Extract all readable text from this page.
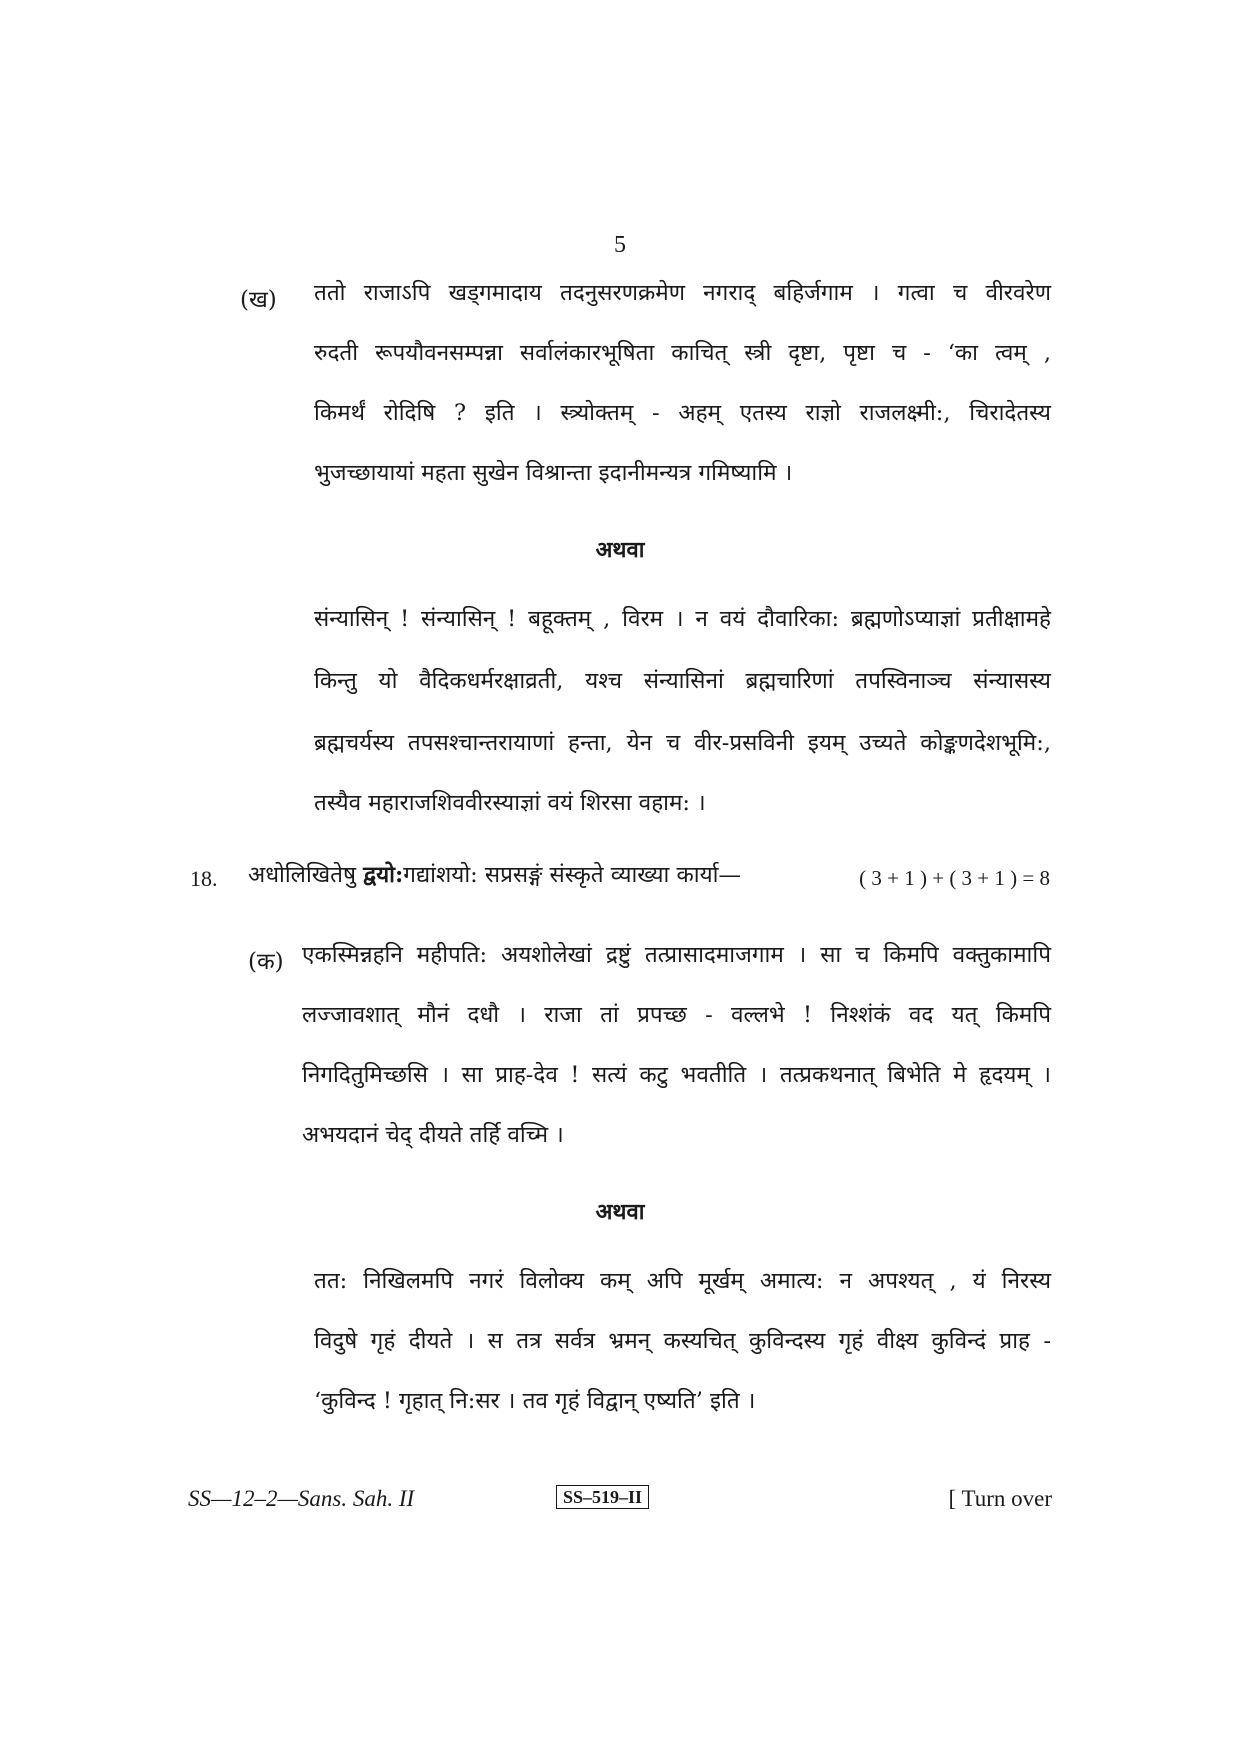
5
(ख) ततो राजाऽपि खड्गमादाय तदनुसरणक्रमेण नगराद् बहिर्जगाम । गत्वा च वीरवरेण
रुदती रूपयौवनसम्पन्ना सर्वालंकारभूषिता काचित् स्त्री दृष्टा, पृष्टा च - ‘का त्वम् ,
किमर्थं रोदिषि ? इति । स्त्र्योक्तम् - अहम् एतस्य राज्ञो राजलक्ष्मी:, चिरादेतस्य
भुजच्छायायां महता सुखेन विश्रान्ता इदानीमन्यत्र गमिष्यामि ।
अथवा
संन्यासिन् ! संन्यासिन् ! बहूक्तम् , विरम । न वयं दौवारिका: ब्रह्मणोऽप्याज्ञां प्रतीक्षामहे
किन्तु यो वैदिकधर्मरक्षाव्रती, यश्च संन्यासिनां ब्रह्मचारिणां तपस्विनाञ्च संन्यासस्य
ब्रह्मचर्यस्य तपसश्चान्तरायाणां हन्ता, येन च वीर-प्रसविनी इयम् उच्यते कोङ्कणदेशभूमि:,
तस्यैव महाराजशिववीरस्याज्ञां वयं शिरसा वहाम: ।
18. अधोलिखितेषु द्वयो:गद्यांशयो: सप्रसङ्गं संस्कृते व्याख्या कार्या—	( 3 + 1 ) + ( 3 + 1 ) = 8
(क) एकस्मिन्नहनि महीपति: अयशोलेखां द्रष्टुं तत्प्रासादमाजगाम । सा च किमपि वक्तुकामापि
लज्जावशात् मौनं दधौ । राजा तां प्रपच्छ - वल्लभे ! निश्शंकं वद यत् किमपि
निगदितुमिच्छसि । सा प्राह-देव ! सत्यं कटु भवतीति । तत्प्रकथनात् बिभेति मे हृदयम् ।
अभयदानं चेद् दीयते तर्हि वच्मि ।
अथवा
तत: निखिलमपि नगरं विलोक्य कम् अपि मूर्खम् अमात्य: न अपश्यत् , यं निरस्य
विदुषे गृहं दीयते । स तत्र सर्वत्र भ्रमन् कस्यचित् कुविन्दस्य गृहं वीक्ष्य कुविन्दं प्राह -
‘कुविन्द ! गृहात् नि:सर । तव गृहं विद्वान् एष्यति’ इति ।
SS—12–2—Sans. Sah. II	SS–519–II	[ Turn over
